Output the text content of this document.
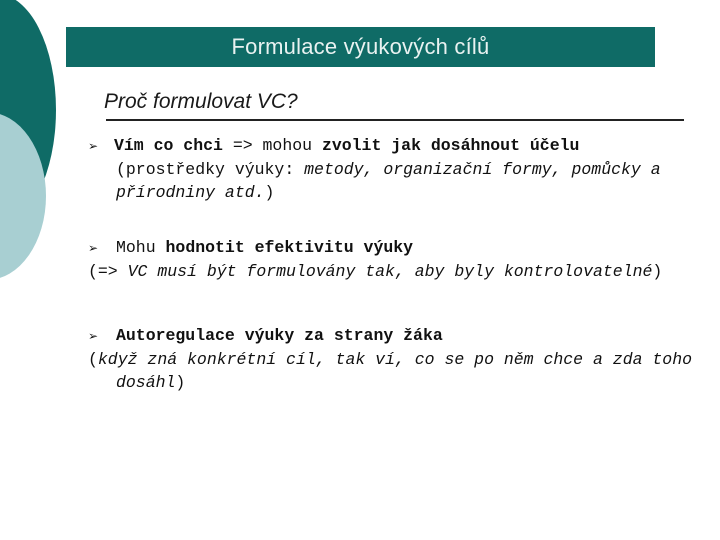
Formulace výukových cílů
Proč formulovat VC?
➢ Vím co chci => mohou zvolit jak dosáhnout účelu
(prostředky výuky: metody, organizační formy, pomůcky a
přírodniny atd.)
➢ Mohu hodnotit efektivitu výuky
(=> VC musí být formulovány tak, aby byly kontrolovatelné)
➢ Autoregulace výuky za strany žáka
(když zná konkrétní cíl, tak ví, co se po něm chce a zda toho
dosáhl)
